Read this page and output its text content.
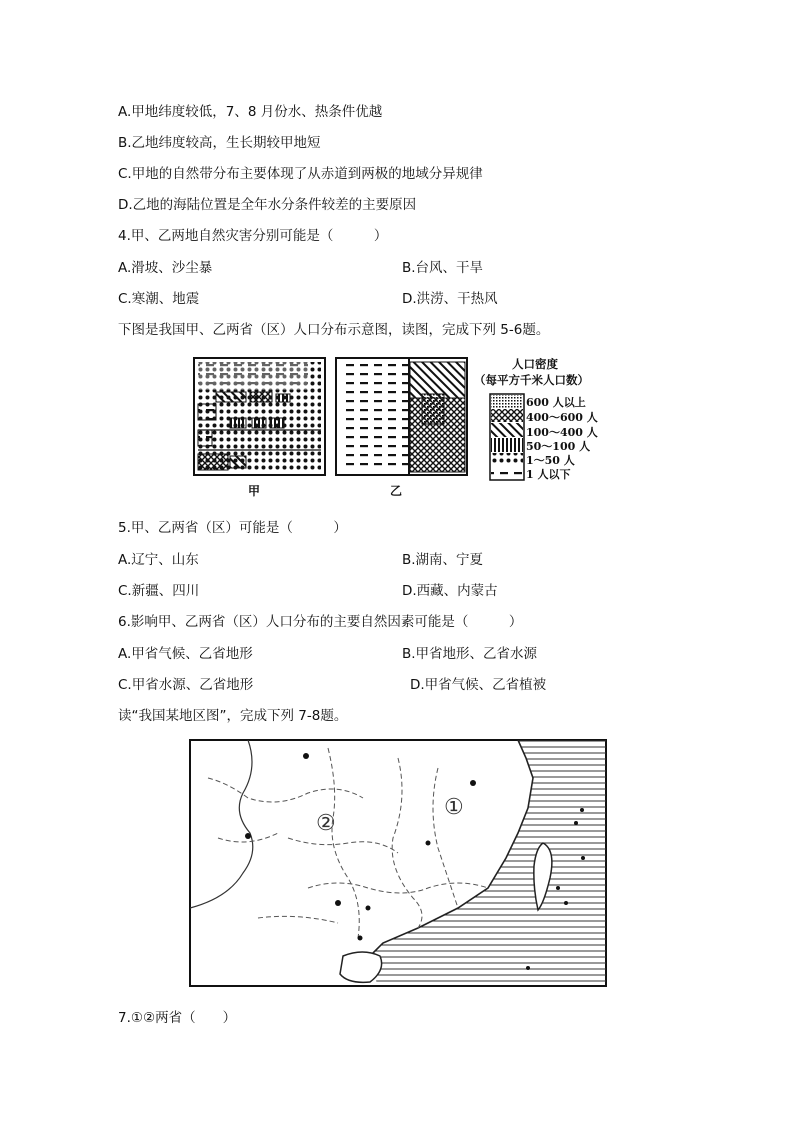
A.甲地纬度较低，7、8 月份水、热条件优越
B.乙地纬度较高，生长期较甲地短
C.甲地的自然带分布主要体现了从赤道到两极的地域分异规律
D.乙地的海陆位置是全年水分条件较差的主要原因
4.甲、乙两地自然灾害分别可能是（　　　）
A.滑坡、沙尘暴	B.台风、干旱
C.寒潮、地震	D.洪涝、干热风
下图是我国甲、乙两省（区）人口分布示意图，读图，完成下列 5-6题。
甲	乙
人口密度
（每平方千米人口数）
600 人以上
400～600 人
100～400 人
50～100 人
1～50 人
1 人以下
5.甲、乙两省（区）可能是（　　　）
A.辽宁、山东	B.湖南、宁夏
C.新疆、四川	D.西藏、内蒙古
6.影响甲、乙两省（区）人口分布的主要自然因素可能是（　　　）
A.甲省气候、乙省地形	B.甲省地形、乙省水源
C.甲省水源、乙省地形	D.甲省气候、乙省植被
读“我国某地区图”，完成下列 7-8题。
②
①
7.①②两省（　　）
